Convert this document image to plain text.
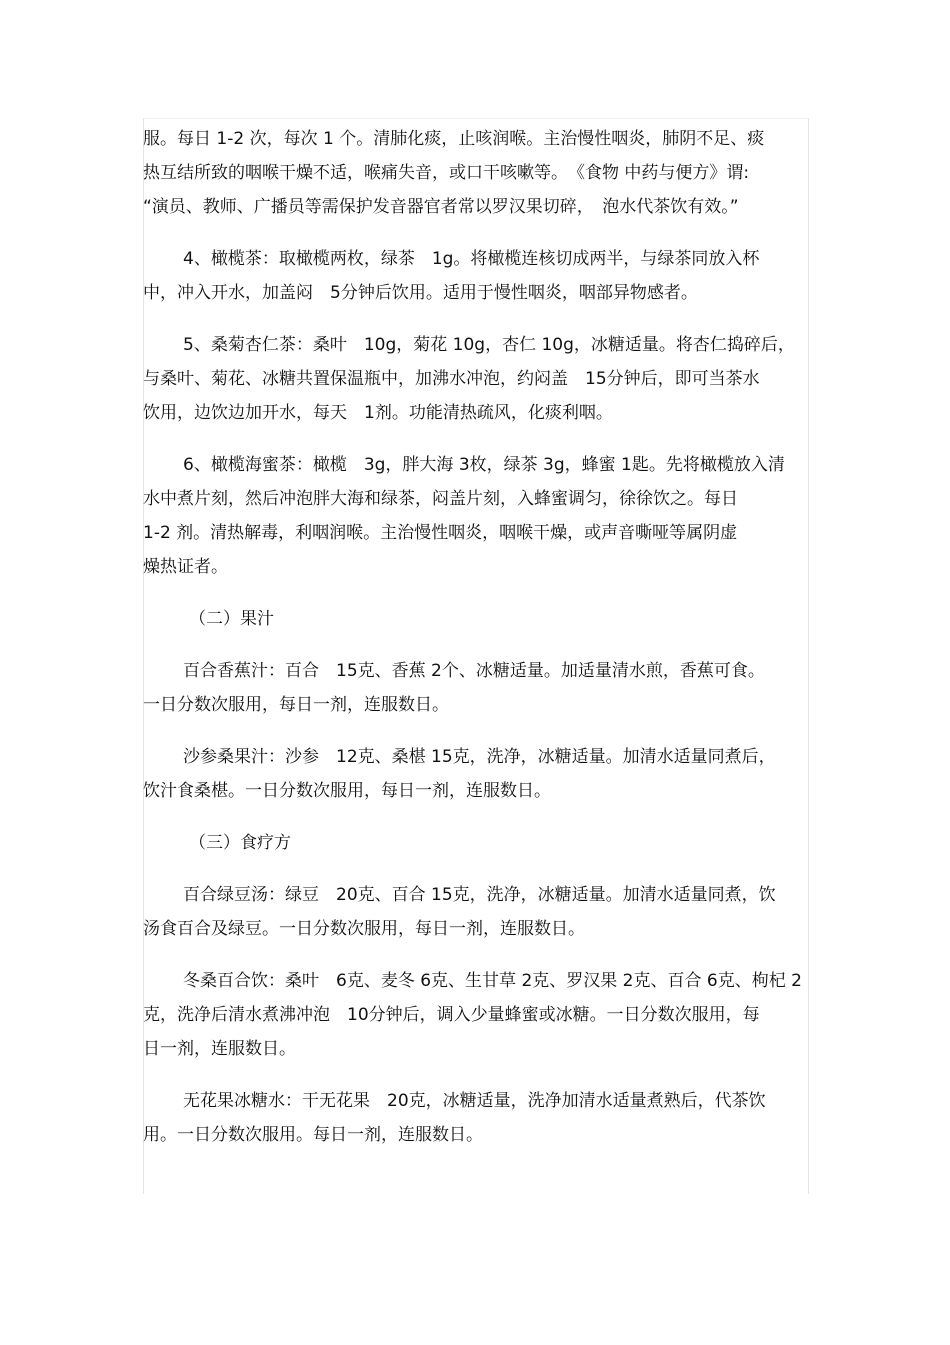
服。每日 1-2 次，每次 1 个。清肺化痰，止咳润喉。主治慢性咽炎，肺阴不足、痰
热互结所致的咽喉干燥不适，喉痛失音，或口干咳嗽等。　《食物 中药与便方》谓:
“演员、教师、广播员等需保护发音器官者常以罗汉果切碎，　泡水代茶饮有效。”
4、橄榄茶：取橄榄两枚，绿茶　1g。将橄榄连核切成两半，与绿茶同放入杯
中，冲入开水，加盖闷　5分钟后饮用。适用于慢性咽炎，咽部异物感者。
5、桑菊杏仁茶：桑叶　10g，菊花 10g，杏仁 10g，冰糖适量。将杏仁捣碎后，
与桑叶、菊花、冰糖共置保温瓶中，加沸水冲泡，约闷盖　15分钟后，即可当茶水
饮用，边饮边加开水，每天　1剂。功能清热疏风，化痰利咽。
6、橄榄海蜜茶：橄榄　3g，胖大海 3枚，绿茶 3g，蜂蜜 1匙。先将橄榄放入清
水中煮片刻，然后冲泡胖大海和绿茶，闷盖片刻，入蜂蜜调匀，徐徐饮之。每日
1-2 剂。清热解毒，利咽润喉。主治慢性咽炎，咽喉干燥，或声音嘶哑等属阴虚
燥热证者。
（二）果汁
百合香蕉汁：百合　15克、香蕉 2个、冰糖适量。加适量清水煎，香蕉可食。
一日分数次服用，每日一剂，连服数日。
沙参桑果汁：沙参　12克、桑椹 15克，洗净，冰糖适量。加清水适量同煮后，
饮汁食桑椹。一日分数次服用，每日一剂，连服数日。
（三）食疗方
百合绿豆汤：绿豆　20克、百合 15克，洗净，冰糖适量。加清水适量同煮，饮
汤食百合及绿豆。一日分数次服用，每日一剂，连服数日。
冬桑百合饮：桑叶　6克、麦冬 6克、生甘草 2克、罗汉果 2克、百合 6克、枸杞 2
克，洗净后清水煮沸冲泡　10分钟后，调入少量蜂蜜或冰糖。一日分数次服用，每
日一剂，连服数日。
无花果冰糖水：干无花果　20克，冰糖适量，洗净加清水适量煮熟后，代茶饮
用。一日分数次服用。每日一剂，连服数日。
